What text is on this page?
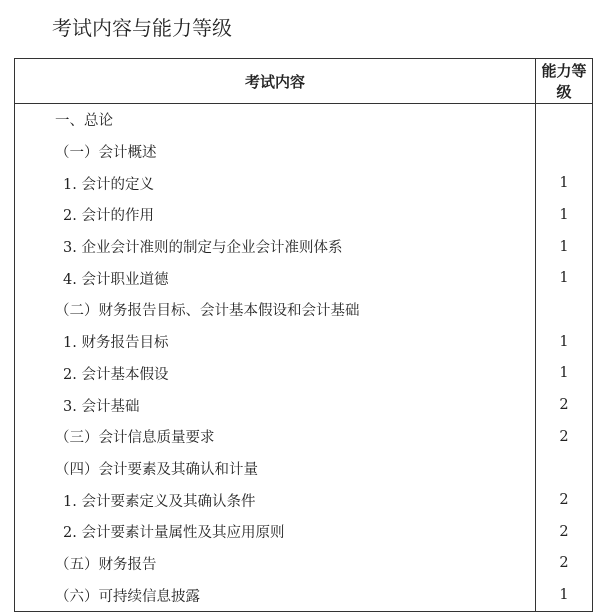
考试内容与能力等级
考试内容	能力等级
一、总论	
（一）会计概述	
1. 会计的定义	1
2. 会计的作用	1
3. 企业会计准则的制定与企业会计准则体系	1
4. 会计职业道德	1
（二）财务报告目标、会计基本假设和会计基础	
1. 财务报告目标	1
2. 会计基本假设	1
3. 会计基础	2
（三）会计信息质量要求	2
（四）会计要素及其确认和计量	
1. 会计要素定义及其确认条件	2
2. 会计要素计量属性及其应用原则	2
（五）财务报告	2
（六）可持续信息披露	1
